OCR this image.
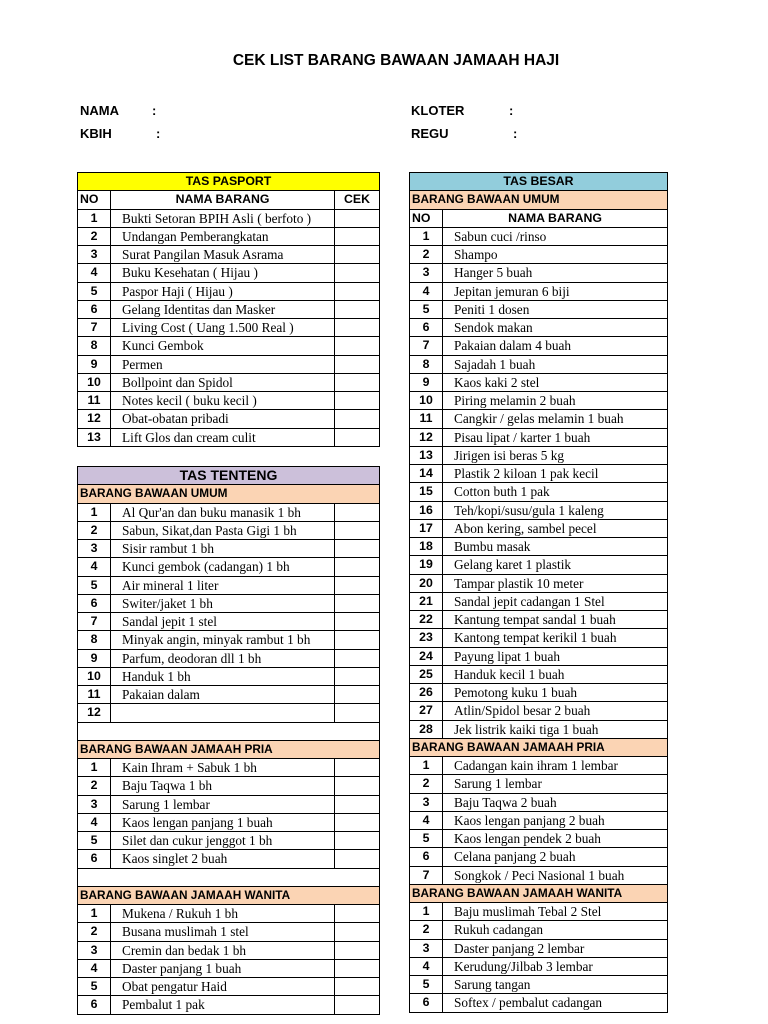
CEK LIST BARANG BAWAAN JAMAAH HAJI
NAMA	:
KBIH	:
KLOTER	:
REGU	:
TAS PASPORT		
NO	NAMA BARANG	CEK
1	Bukti Setoran BPIH Asli ( berfoto )	
2	Undangan Pemberangkatan	
3	Surat Pangilan Masuk Asrama	
4	Buku Kesehatan ( Hijau )	
5	Paspor Haji ( Hijau )	
6	Gelang Identitas dan Masker	
7	Living Cost ( Uang 1.500 Real )	
8	Kunci Gembok	
9	Permen	
10	Bollpoint dan Spidol	
11	Notes kecil ( buku kecil )	
12	Obat-obatan pribadi	
13	Lift Glos dan cream culit	
TAS TENTENG		
BARANG BAWAAN UMUM		
1	Al Qur'an dan buku manasik 1 bh	
2	Sabun, Sikat,dan Pasta Gigi 1 bh	
3	Sisir rambut 1 bh	
4	Kunci gembok (cadangan) 1 bh	
5	Air mineral 1 liter	
6	Switer/jaket 1 bh	
7	Sandal jepit 1 stel	
8	Minyak angin, minyak rambut 1 bh	
9	Parfum, deodoran dll 1 bh	
10	Handuk 1 bh	
11	Pakaian dalam	
12		

BARANG BAWAAN JAMAAH PRIA		
1	Kain Ihram + Sabuk 1 bh	
2	Baju Taqwa 1 bh	
3	Sarung 1 lembar	
4	Kaos lengan panjang 1 buah	
5	Silet dan cukur jenggot 1 bh	
6	Kaos singlet 2 buah	

BARANG BAWAAN JAMAAH WANITA		
1	Mukena / Rukuh 1 bh	
2	Busana muslimah 1 stel	
3	Cremin dan bedak 1 bh	
4	Daster panjang 1 buah	
5	Obat pengatur Haid	
6	Pembalut 1 pak	
TAS BESAR	
BARANG BAWAAN UMUM	
NO	NAMA BARANG
1	Sabun cuci /rinso
2	Shampo
3	Hanger 5 buah
4	Jepitan jemuran 6 biji
5	Peniti 1 dosen
6	Sendok makan
7	Pakaian dalam 4 buah
8	Sajadah 1 buah
9	Kaos kaki 2 stel
10	Piring melamin 2 buah
11	Cangkir / gelas melamin 1 buah
12	Pisau lipat / karter 1 buah
13	Jirigen isi beras 5 kg
14	Plastik 2 kiloan 1 pak kecil
15	Cotton buth 1 pak
16	Teh/kopi/susu/gula 1 kaleng
17	Abon kering, sambel pecel
18	Bumbu masak
19	Gelang karet 1 plastik
20	Tampar plastik 10 meter
21	Sandal jepit cadangan 1 Stel
22	Kantung tempat sandal 1 buah
23	Kantong tempat kerikil 1 buah
24	Payung lipat 1 buah
25	Handuk kecil 1 buah
26	Pemotong kuku 1 buah
27	Atlin/Spidol besar 2 buah
28	Jek listrik kaiki tiga 1 buah
BARANG BAWAAN JAMAAH PRIA	
1	Cadangan kain ihram 1 lembar
2	Sarung 1 lembar
3	Baju Taqwa 2 buah
4	Kaos lengan panjang 2 buah
5	Kaos lengan pendek 2 buah
6	Celana panjang 2 buah
7	Songkok / Peci Nasional 1 buah
BARANG BAWAAN JAMAAH WANITA	
1	Baju muslimah Tebal 2 Stel
2	Rukuh cadangan
3	Daster panjang 2 lembar
4	Kerudung/Jilbab 3 lembar
5	Sarung tangan
6	Softex / pembalut cadangan
